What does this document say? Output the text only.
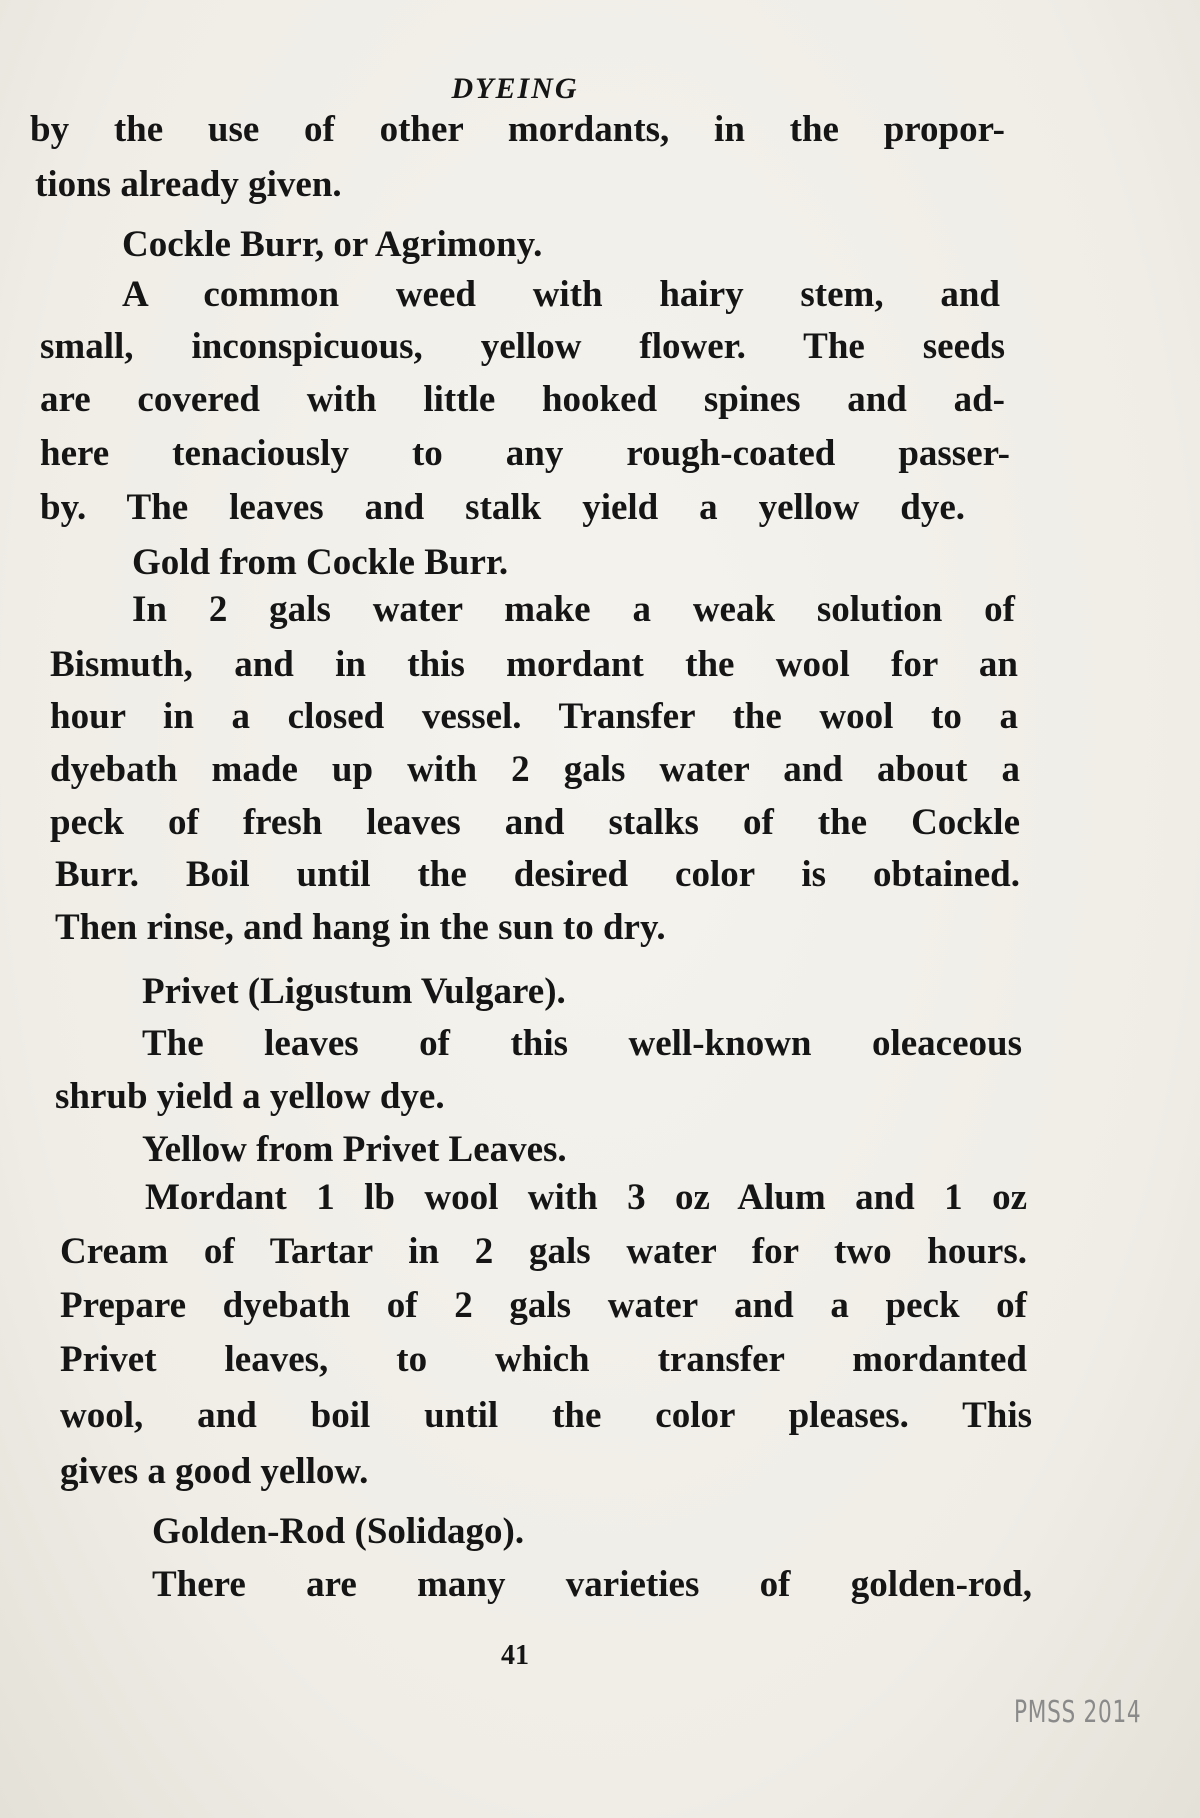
DYEING
by the use of other mordants, in the propor-
tions already given.
Cockle Burr, or Agrimony.
A common weed with hairy stem, and
small, inconspicuous, yellow flower. The seeds
are covered with little hooked spines and ad-
here tenaciously to any rough-coated passer-
by. The leaves and stalk yield a yellow dye.
Gold from Cockle Burr.
In 2 gals water make a weak solution of
Bismuth, and in this mordant the wool for an
hour in a closed vessel. Transfer the wool to a
dyebath made up with 2 gals water and about a
peck of fresh leaves and stalks of the Cockle
Burr. Boil until the desired color is obtained.
Then rinse, and hang in the sun to dry.
Privet (Ligustum Vulgare).
The leaves of this well-known oleaceous
shrub yield a yellow dye.
Yellow from Privet Leaves.
Mordant 1 lb wool with 3 oz Alum and 1 oz
Cream of Tartar in 2 gals water for two hours.
Prepare dyebath of 2 gals water and a peck of
Privet leaves, to which transfer mordanted
wool, and boil until the color pleases. This
gives a good yellow.
Golden-Rod (Solidago).
There are many varieties of golden-rod,
41
PMSS 2014
